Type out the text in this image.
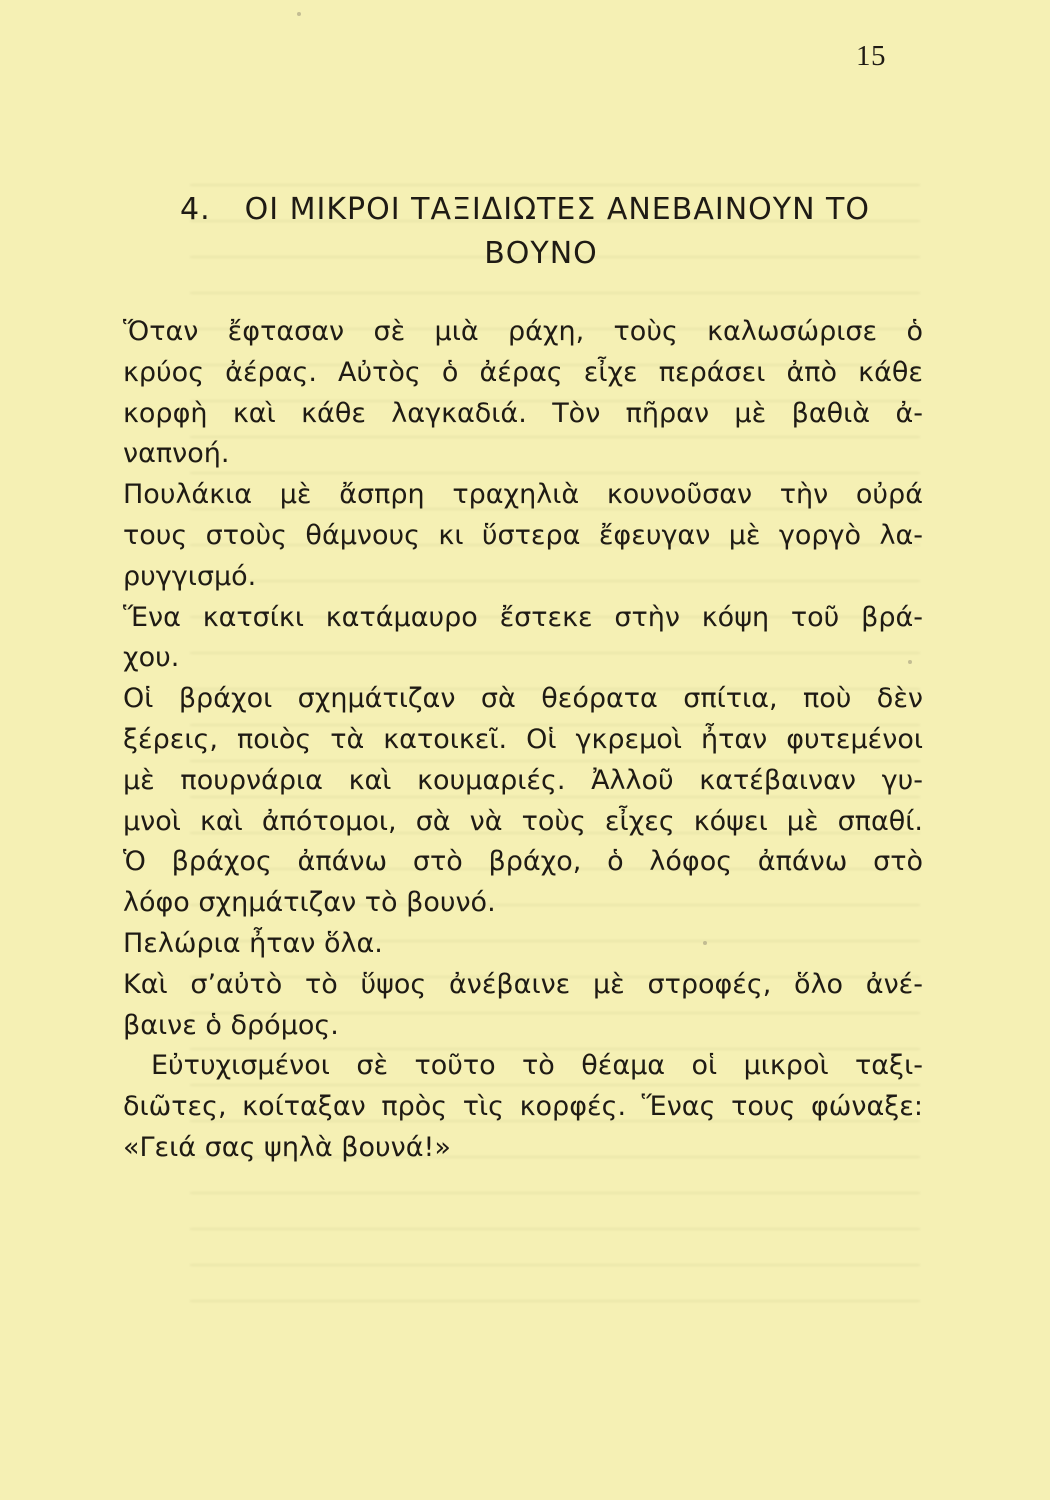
15
4. ΟΙ ΜΙΚΡΟΙ ΤΑΞΙΔΙΩΤΕΣ ΑΝΕΒΑΙΝΟΥΝ ΤΟ
ΒΟΥΝΟ
Ὅταν ἔφτασαν σὲ μιὰ ράχη, τοὺς καλωσώρισε ὁ
κρύος ἀέρας. Αὐτὸς ὁ ἀέρας εἶχε περάσει ἀπὸ κάθε
κορφὴ καὶ κάθε λαγκαδιά. Τὸν πῆραν μὲ βαθιὰ ἀ-
ναπνοή.
Πουλάκια μὲ ἄσπρη τραχηλιὰ κουνοῦσαν τὴν οὐρά
τους στοὺς θάμνους κι ὕστερα ἔφευγαν μὲ γοργὸ λα-
ρυγγισμό.
Ἕνα κατσίκι κατάμαυρο ἔστεκε στὴν κόψη τοῦ βρά-
χου.
Οἱ βράχοι σχημάτιζαν σὰ θεόρατα σπίτια, ποὺ δὲν
ξέρεις, ποιὸς τὰ κατοικεῖ. Οἱ γκρεμοὶ ἦταν φυτεμένοι
μὲ πουρνάρια καὶ κουμαριές. Ἀλλοῦ κατέβαιναν γυ-
μνοὶ καὶ ἀπότομοι, σὰ νὰ τοὺς εἶχες κόψει μὲ σπαθί.
Ὁ βράχος ἀπάνω στὸ βράχο, ὁ λόφος ἀπάνω στὸ
λόφο σχημάτιζαν τὸ βουνό.
Πελώρια ἦταν ὅλα.
Καὶ σ’αὐτὸ τὸ ὕψος ἀνέβαινε μὲ στροφές, ὅλο ἀνέ-
βαινε ὁ δρόμος.
Εὐτυχισμένοι σὲ τοῦτο τὸ θέαμα οἱ μικροὶ ταξι-
διῶτες, κοίταξαν πρὸς τὶς κορφές. Ἕνας τους φώναξε:
«Γειά σας ψηλὰ βουνά!»
